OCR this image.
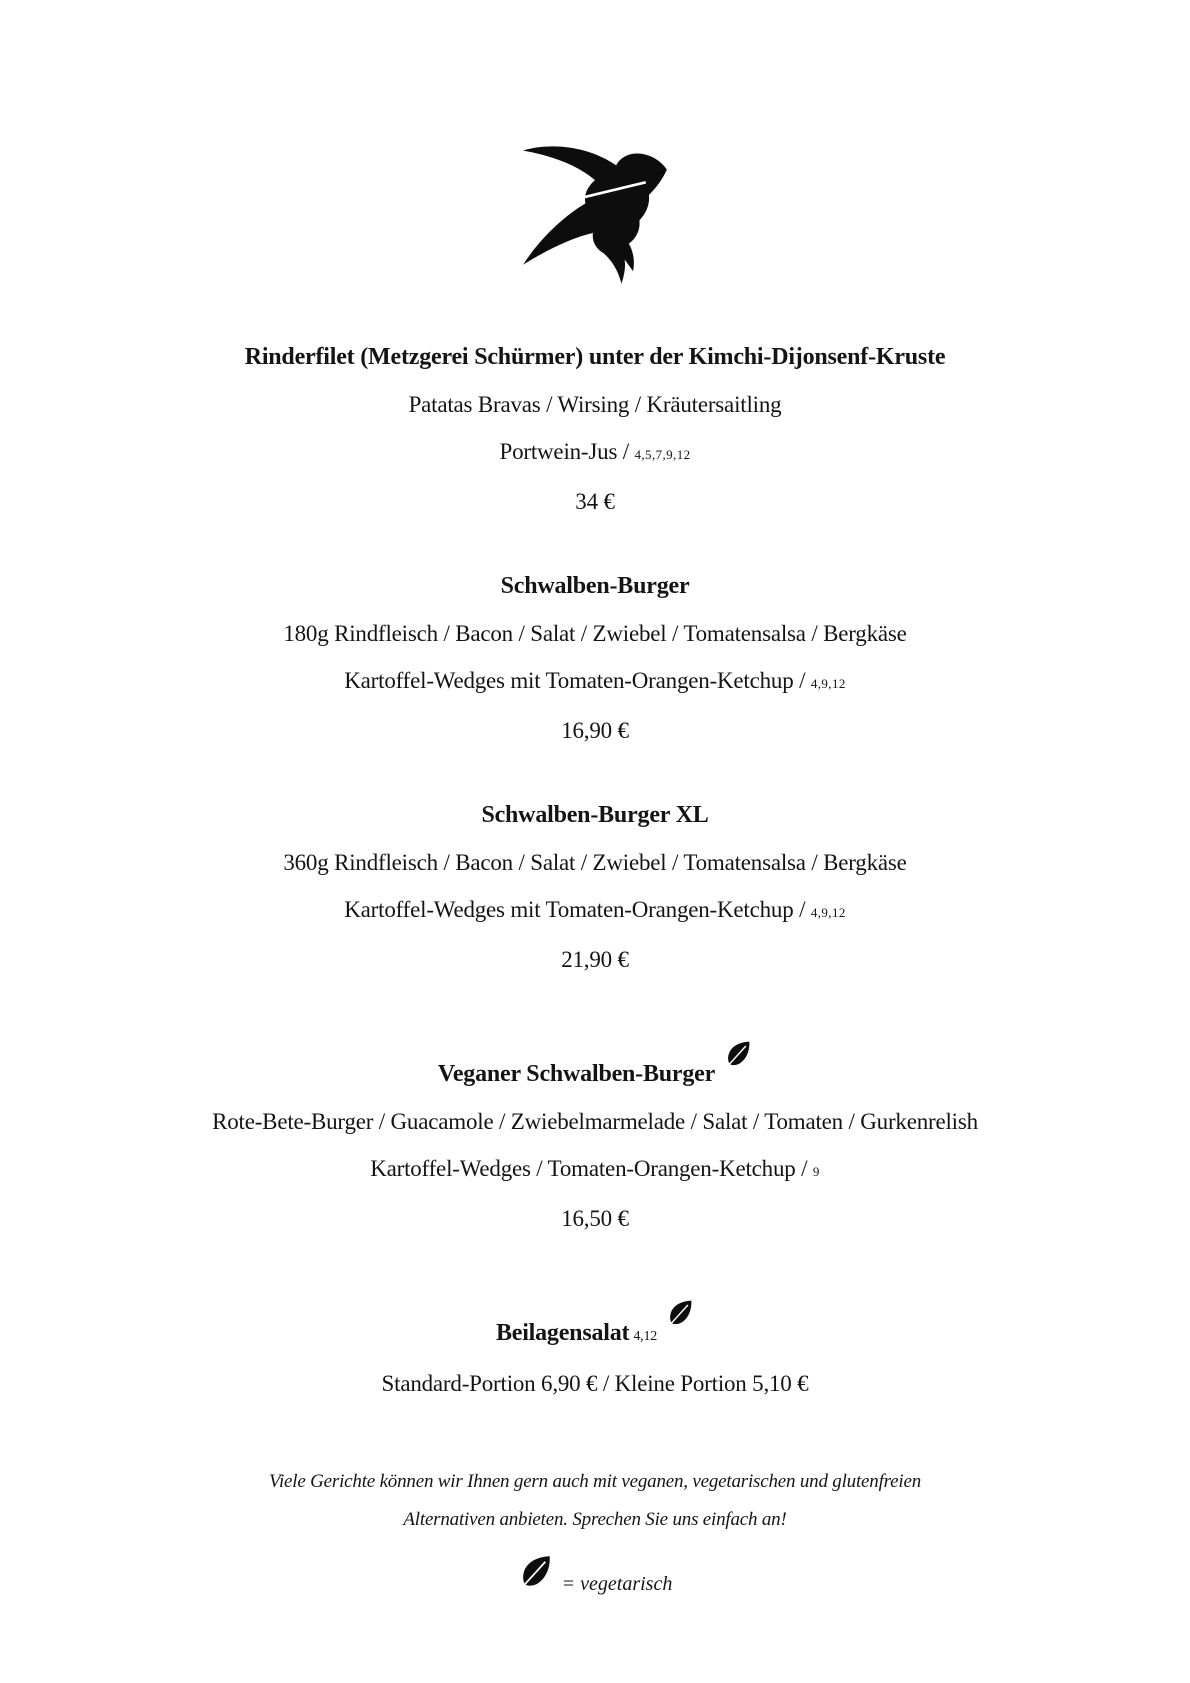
Rinderfilet (Metzgerei Schürmer) unter der Kimchi-Dijonsenf-Kruste

Patatas Bravas / Wirsing / Kräutersaitling

Portwein-Jus / 4,5,7,9,12

34 €

Schwalben-Burger

180g Rindfleisch / Bacon / Salat / Zwiebel / Tomatensalsa / Bergkäse

Kartoffel-Wedges mit Tomaten-Orangen-Ketchup / 4,9,12

16,90 €

Schwalben-Burger XL

360g Rindfleisch / Bacon / Salat / Zwiebel / Tomatensalsa / Bergkäse

Kartoffel-Wedges mit Tomaten-Orangen-Ketchup / 4,9,12

21,90 €

Veganer Schwalben-Burger

Rote-Bete-Burger / Guacamole / Zwiebelmarmelade / Salat / Tomaten / Gurkenrelish

Kartoffel-Wedges / Tomaten-Orangen-Ketchup / 9

16,50 €

Beilagensalat 4,12

Standard-Portion 6,90 € / Kleine Portion 5,10 €

Viele Gerichte können wir Ihnen gern auch mit veganen, vegetarischen und glutenfreien

Alternativen anbieten. Sprechen Sie uns einfach an!

= vegetarisch
